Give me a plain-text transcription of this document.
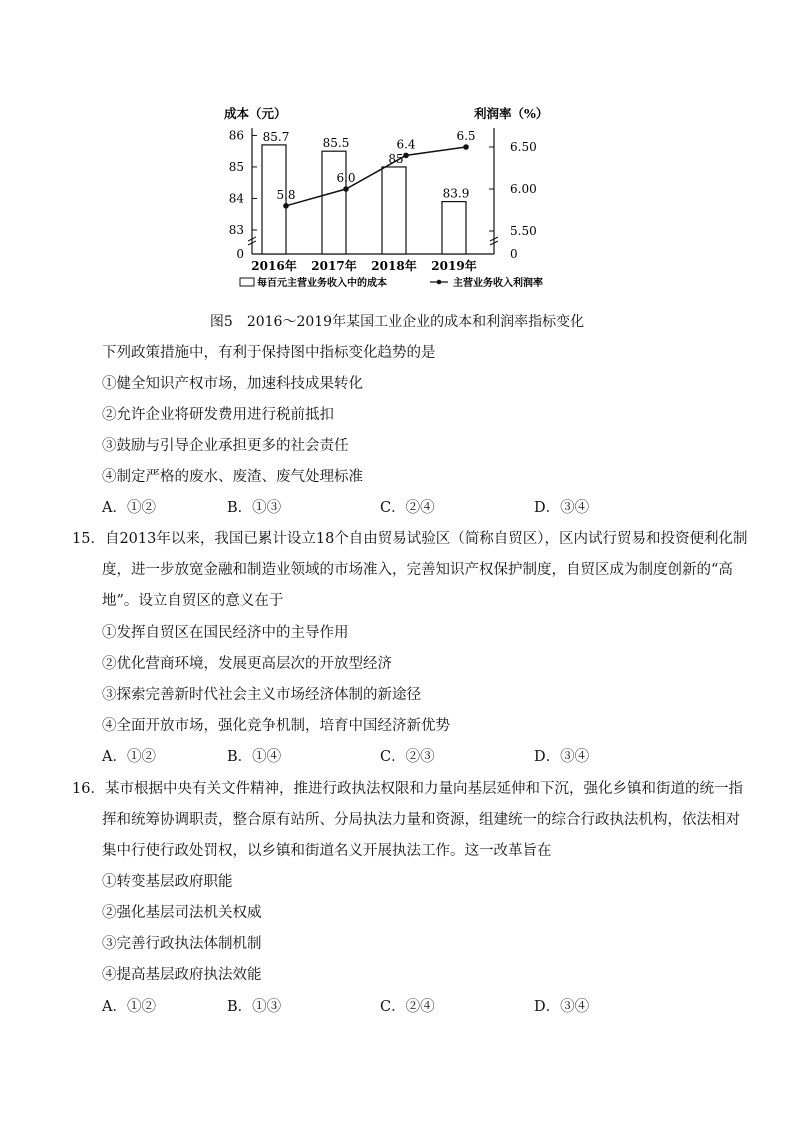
成本（元）	利润率（%）
0
83
84
85
86
0
5.50
6.00
6.50
85.7
2016年
85.5
2017年
85
2018年
83.9
2019年
5.8
6.0
6.4
6.5
每百元主营业务收入中的成本	主营业务收入利润率
图5　2016～2019年某国工业企业的成本和利润率指标变化
下列政策措施中，有利于保持图中指标变化趋势的是
①健全知识产权市场，加速科技成果转化
②允许企业将研发费用进行税前抵扣
③鼓励与引导企业承担更多的社会责任
④制定严格的废水、废渣、废气处理标准
A．①②	B．①③	C．②④	D．③④
15．自2013年以来，我国已累计设立18个自由贸易试验区（简称自贸区），区内试行贸易和投资便利化制
度，进一步放宽金融和制造业领域的市场准入，完善知识产权保护制度，自贸区成为制度创新的“高
地”。设立自贸区的意义在于
①发挥自贸区在国民经济中的主导作用
②优化营商环境，发展更高层次的开放型经济
③探索完善新时代社会主义市场经济体制的新途径
④全面开放市场，强化竞争机制，培育中国经济新优势
A．①②	B．①④	C．②③	D．③④
16．某市根据中央有关文件精神，推进行政执法权限和力量向基层延伸和下沉，强化乡镇和街道的统一指
挥和统筹协调职责，整合原有站所、分局执法力量和资源，组建统一的综合行政执法机构，依法相对
集中行使行政处罚权，以乡镇和街道名义开展执法工作。这一改革旨在
①转变基层政府职能
②强化基层司法机关权威
③完善行政执法体制机制
④提高基层政府执法效能
A．①②	B．①③	C．②④	D．③④
